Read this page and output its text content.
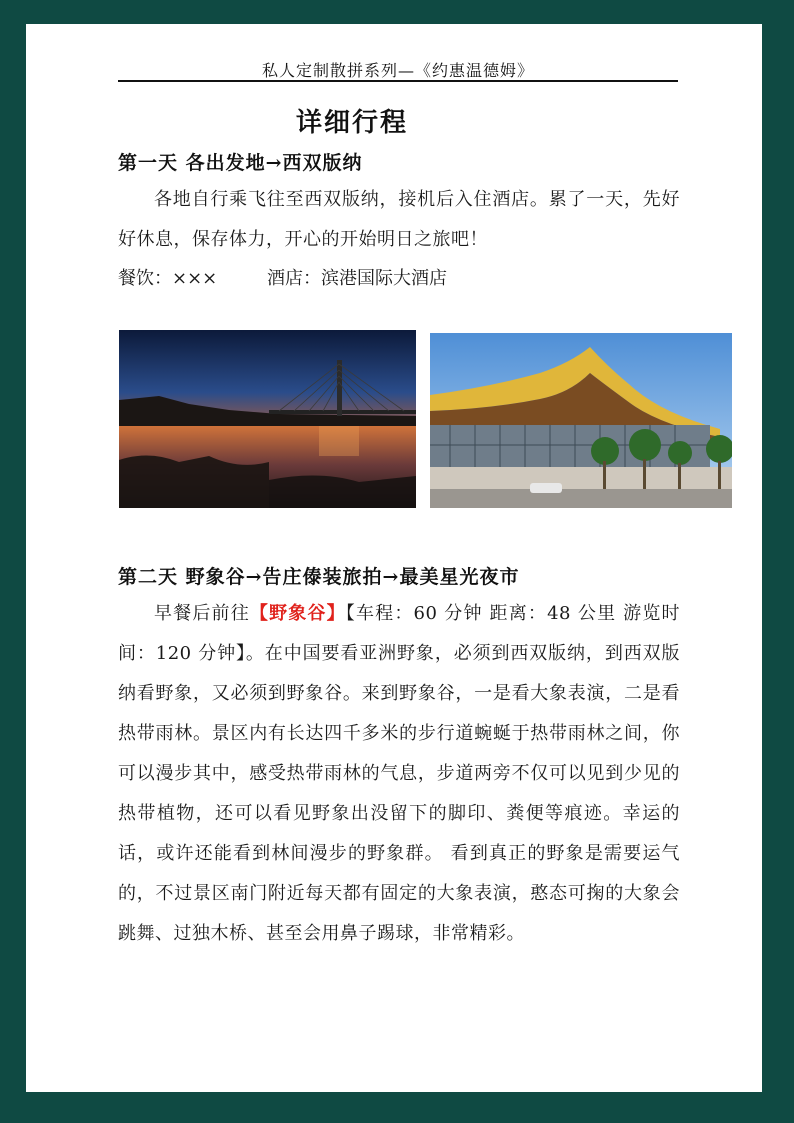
私人定制散拼系列—《约惠温德姆》
详细行程
第一天 各出发地→西双版纳
各地自行乘飞往至西双版纳，接机后入住酒店。累了一天，先好好休息，保存体力，开心的开始明日之旅吧！
餐饮：×××	酒店：滨港国际大酒店
第二天 野象谷→告庄傣装旅拍→最美星光夜市
早餐后前往【野象谷】【车程：60 分钟 距离：48 公里 游览时间：120 分钟】。在中国要看亚洲野象，必须到西双版纳，到西双版纳看野象，又必须到野象谷。来到野象谷，一是看大象表演，二是看热带雨林。景区内有长达四千多米的步行道蜿蜒于热带雨林之间，你可以漫步其中，感受热带雨林的气息，步道两旁不仅可以见到少见的热带植物，还可以看见野象出没留下的脚印、粪便等痕迹。幸运的话，或许还能看到林间漫步的野象群。 看到真正的野象是需要运气的，不过景区南门附近每天都有固定的大象表演，憨态可掬的大象会跳舞、过独木桥、甚至会用鼻子踢球，非常精彩。
